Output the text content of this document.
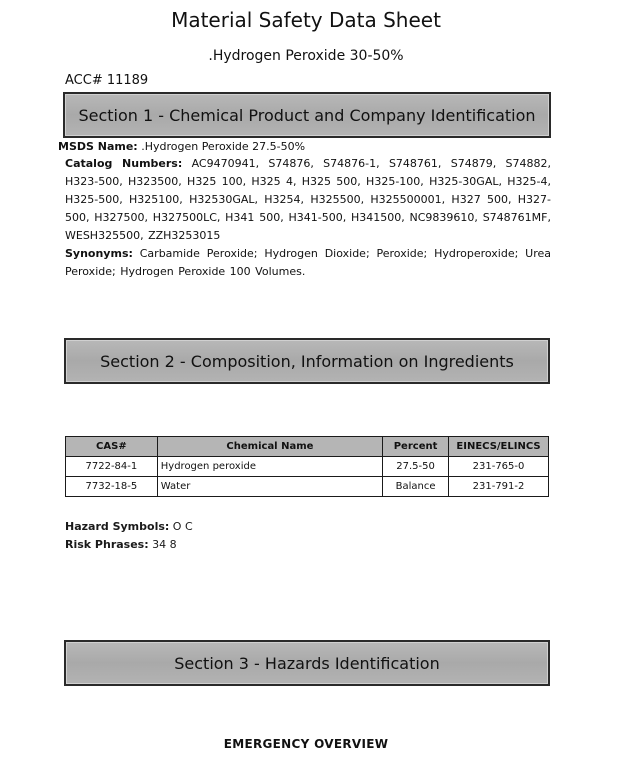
Material Safety Data Sheet
.Hydrogen Peroxide 30-50%
ACC# 11189
Section 1 - Chemical Product and Company Identification
MSDS Name: .Hydrogen Peroxide 27.5-50%
Catalog Numbers: AC9470941, S74876, S74876-1, S748761, S74879, S74882, H323-500, H323500, H325 100, H325 4, H325 500, H325-100, H325-30GAL, H325-4, H325-500, H325100, H32530GAL, H3254, H325500, H325500001, H327 500, H327-500, H327500, H327500LC, H341 500, H341-500, H341500, NC9839610, S748761MF, WESH325500, ZZH3253015
Synonyms: Carbamide Peroxide; Hydrogen Dioxide; Peroxide; Hydroperoxide; Urea Peroxide; Hydrogen Peroxide 100 Volumes.
Section 2 - Composition, Information on Ingredients
CAS#	Chemical Name	Percent	EINECS/ELINCS
7722-84-1	Hydrogen peroxide	27.5-50	231-765-0
7732-18-5	Water	Balance	231-791-2
Hazard Symbols: O C
Risk Phrases: 34 8
Section 3 - Hazards Identification
EMERGENCY OVERVIEW
